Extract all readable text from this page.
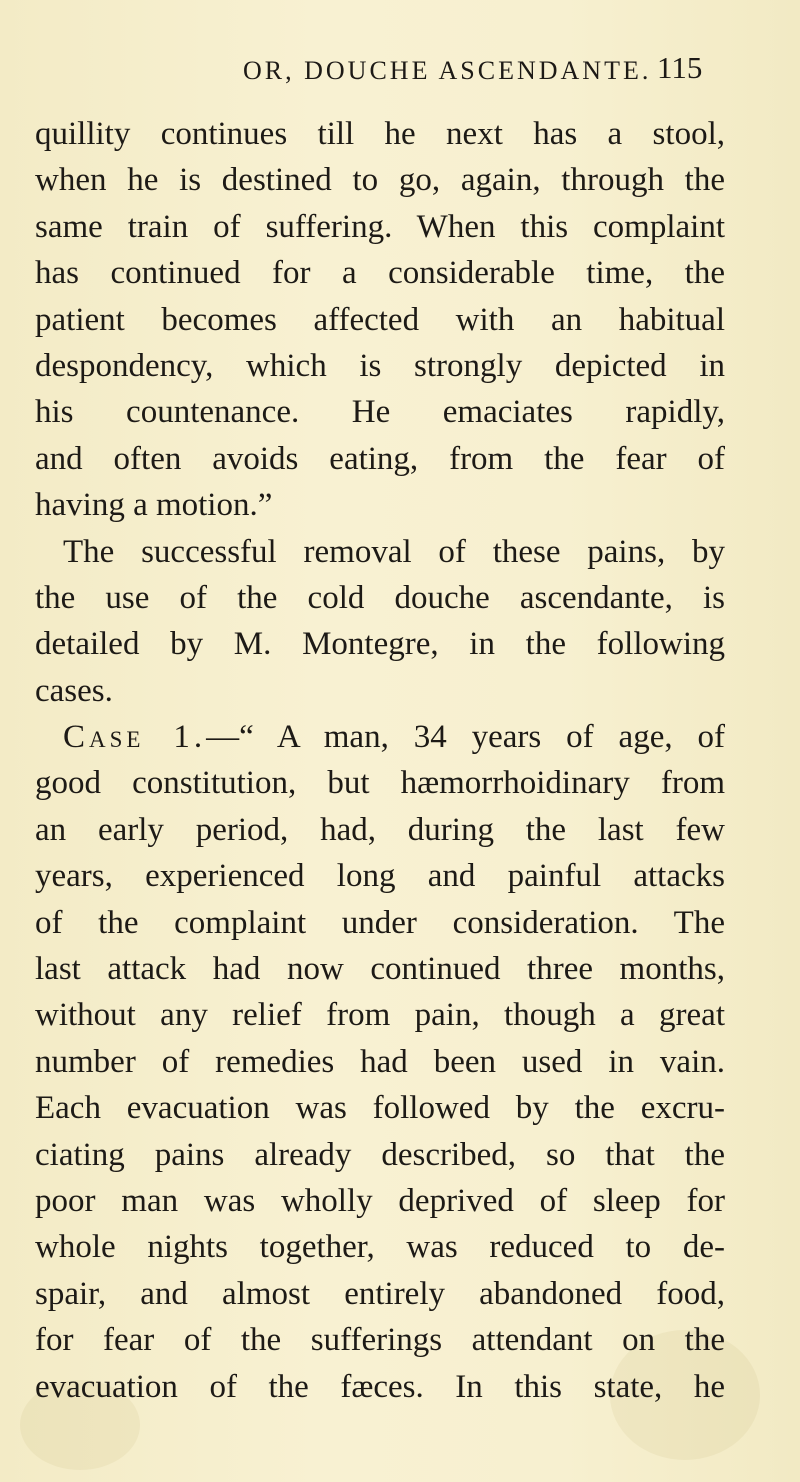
OR, DOUCHE ASCENDANTE. 115
quillity continues till he next has a stool,
when he is destined to go, again, through the
same train of suffering. When this complaint
has continued for a considerable time, the
patient becomes affected with an habitual
despondency, which is strongly depicted in
his countenance. He emaciates rapidly,
and often avoids eating, from the fear of
having a motion.”
The successful removal of these pains, by
the use of the cold douche ascendante, is
detailed by M. Montegre, in the following
cases.
Case 1.—“ A man, 34 years of age, of
good constitution, but hæmorrhoidinary from
an early period, had, during the last few
years, experienced long and painful attacks
of the complaint under consideration. The
last attack had now continued three months,
without any relief from pain, though a great
number of remedies had been used in vain.
Each evacuation was followed by the excru-
ciating pains already described, so that the
poor man was wholly deprived of sleep for
whole nights together, was reduced to de-
spair, and almost entirely abandoned food,
for fear of the sufferings attendant on the
evacuation of the fæces. In this state, he
